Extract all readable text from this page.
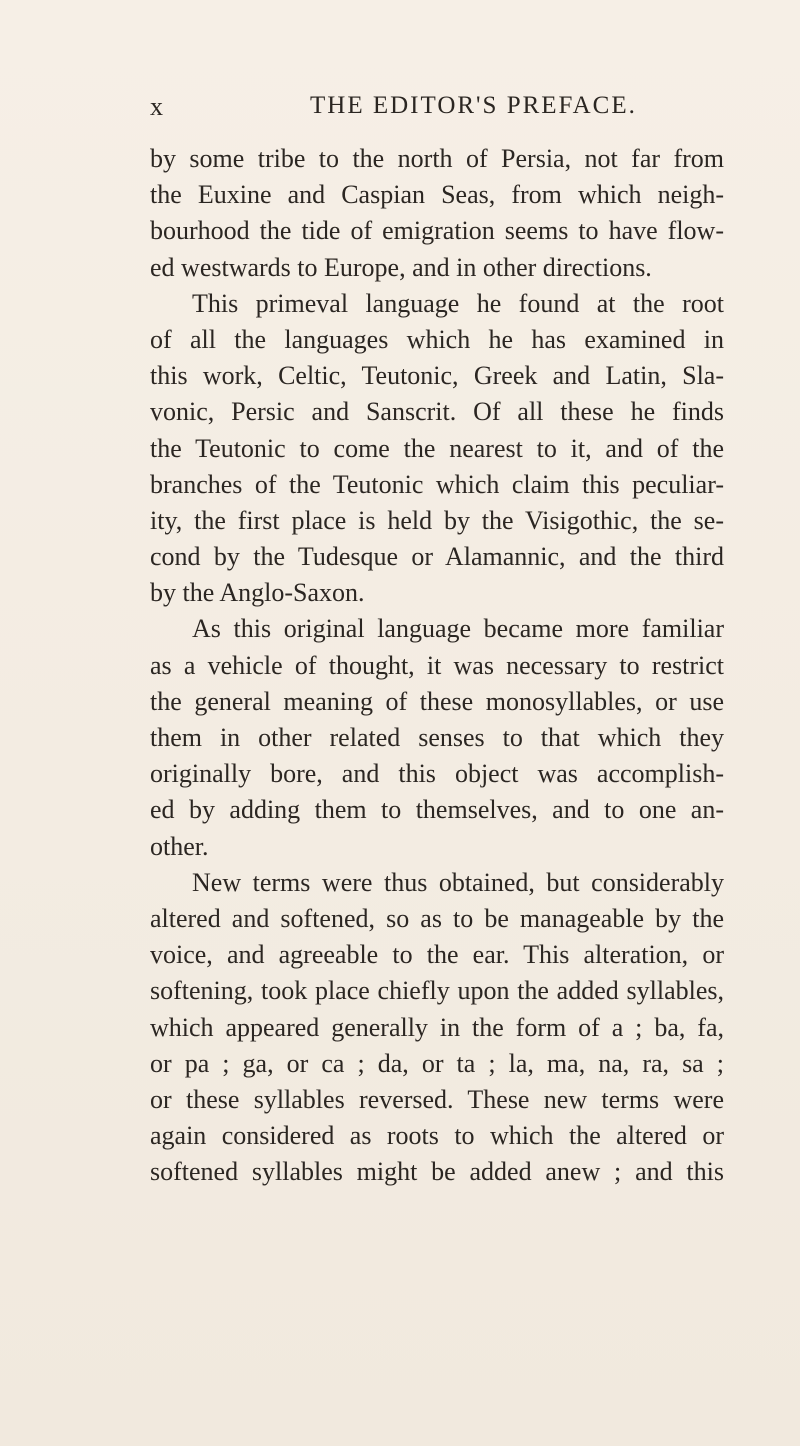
x	THE EDITOR'S PREFACE.
by some tribe to the north of Persia, not far from
the Euxine and Caspian Seas, from which neigh-
bourhood the tide of emigration seems to have flow-
ed westwards to Europe, and in other directions.
This primeval language he found at the root
of all the languages which he has examined in
this work, Celtic, Teutonic, Greek and Latin, Sla-
vonic, Persic and Sanscrit. Of all these he finds
the Teutonic to come the nearest to it, and of the
branches of the Teutonic which claim this peculiar-
ity, the first place is held by the Visigothic, the se-
cond by the Tudesque or Alamannic, and the third
by the Anglo-Saxon.
As this original language became more familiar
as a vehicle of thought, it was necessary to restrict
the general meaning of these monosyllables, or use
them in other related senses to that which they
originally bore, and this object was accomplish-
ed by adding them to themselves, and to one an-
other.
New terms were thus obtained, but considerably
altered and softened, so as to be manageable by the
voice, and agreeable to the ear. This alteration, or
softening, took place chiefly upon the added syllables,
which appeared generally in the form of a ; ba, fa,
or pa ; ga, or ca ; da, or ta ; la, ma, na, ra, sa ;
or these syllables reversed. These new terms were
again considered as roots to which the altered or
softened syllables might be added anew ; and this
